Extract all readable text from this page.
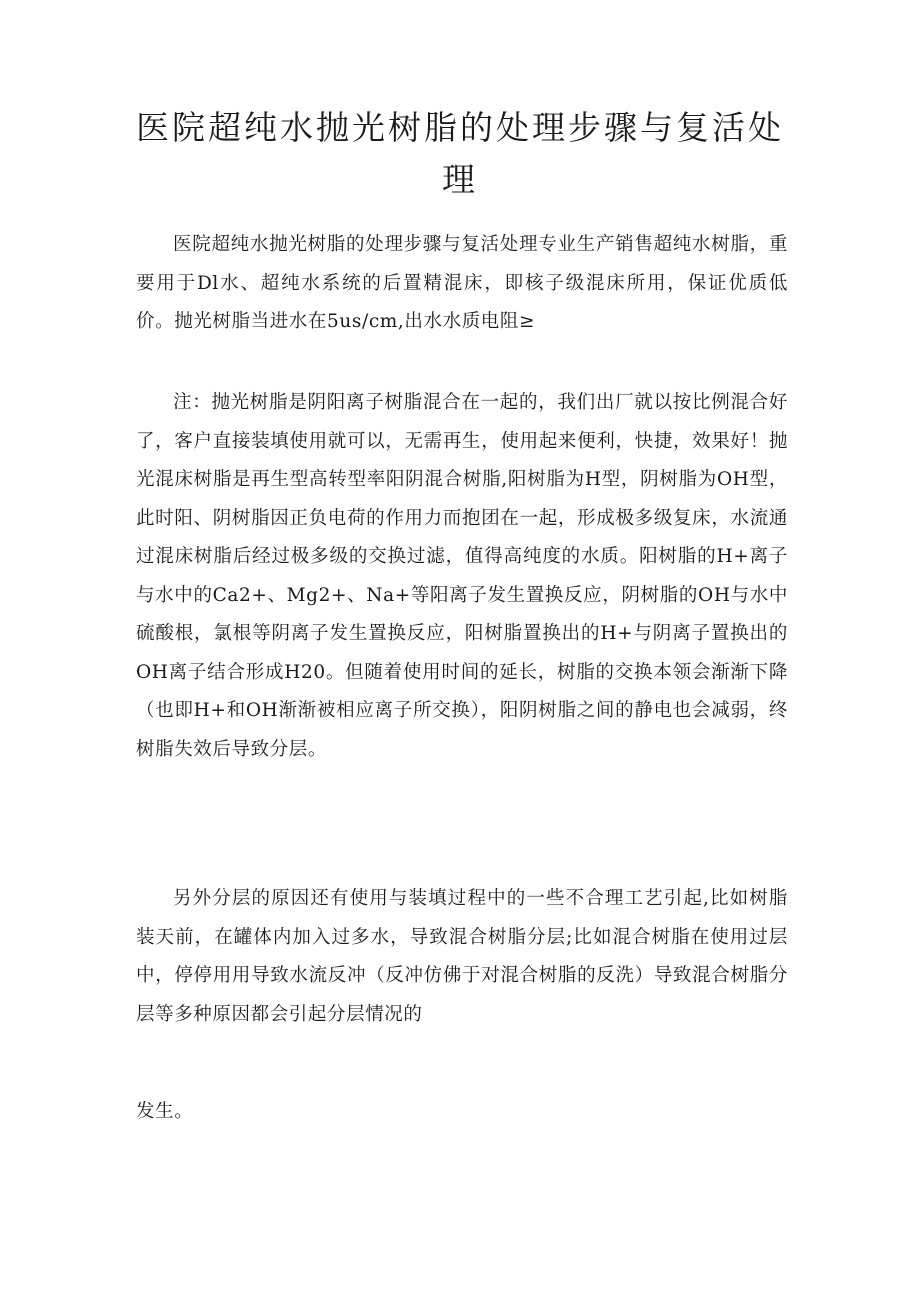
医院超纯水抛光树脂的处理步骤与复活处理

医院超纯水抛光树脂的处理步骤与复活处理专业生产销售超纯水树脂，重要用于Dl水、超纯水系统的后置精混床，即核子级混床所用，保证优质低价。抛光树脂当进水在5us∕cm,出水水质电阻≥

注：抛光树脂是阴阳离子树脂混合在一起的，我们出厂就以按比例混合好了，客户直接装填使用就可以，无需再生，使用起来便利，快捷，效果好！抛光混床树脂是再生型高转型率阳阴混合树脂,阳树脂为H型，阴树脂为OH型，此时阳、阴树脂因正负电荷的作用力而抱团在一起，形成极多级复床，水流通过混床树脂后经过极多级的交换过滤，值得高纯度的水质。阳树脂的H+离子与水中的Ca2+、Mg2+、Na+等阳离子发生置换反应，阴树脂的OH与水中硫酸根，氯根等阴离子发生置换反应，阳树脂置换出的H+与阴离子置换出的OH离子结合形成H20。但随着使用时间的延长，树脂的交换本领会渐渐下降（也即H+和OH渐渐被相应离子所交换），阳阴树脂之间的静电也会减弱，终树脂失效后导致分层。

另外分层的原因还有使用与装填过程中的一些不合理工艺引起,比如树脂装天前，在罐体内加入过多水，导致混合树脂分层;比如混合树脂在使用过层中，停停用用导致水流反冲（反冲仿佛于对混合树脂的反洗）导致混合树脂分层等多种原因都会引起分层情况的

发生。
